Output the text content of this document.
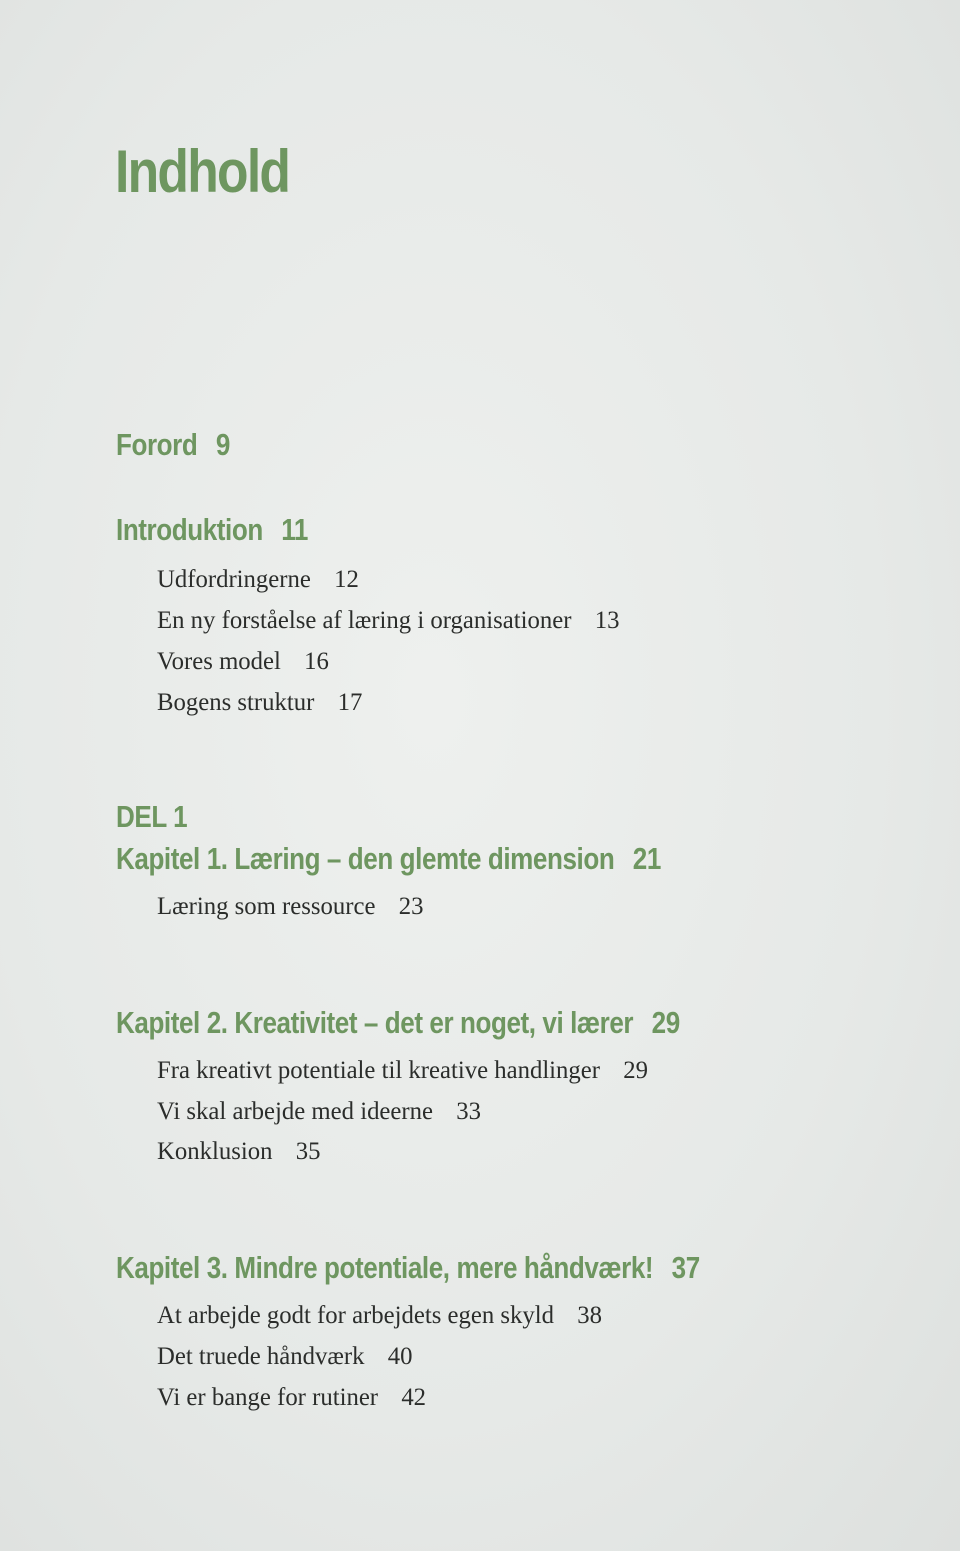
Indhold
Forord 9
Introduktion 11
Udfordringerne 12
En ny forståelse af læring i organisationer 13
Vores model 16
Bogens struktur 17
DEL 1
Kapitel 1. Læring – den glemte dimension 21
Læring som ressource 23
Kapitel 2. Kreativitet – det er noget, vi lærer 29
Fra kreativt potentiale til kreative handlinger 29
Vi skal arbejde med ideerne 33
Konklusion 35
Kapitel 3. Mindre potentiale, mere håndværk! 37
At arbejde godt for arbejdets egen skyld 38
Det truede håndværk 40
Vi er bange for rutiner 42
